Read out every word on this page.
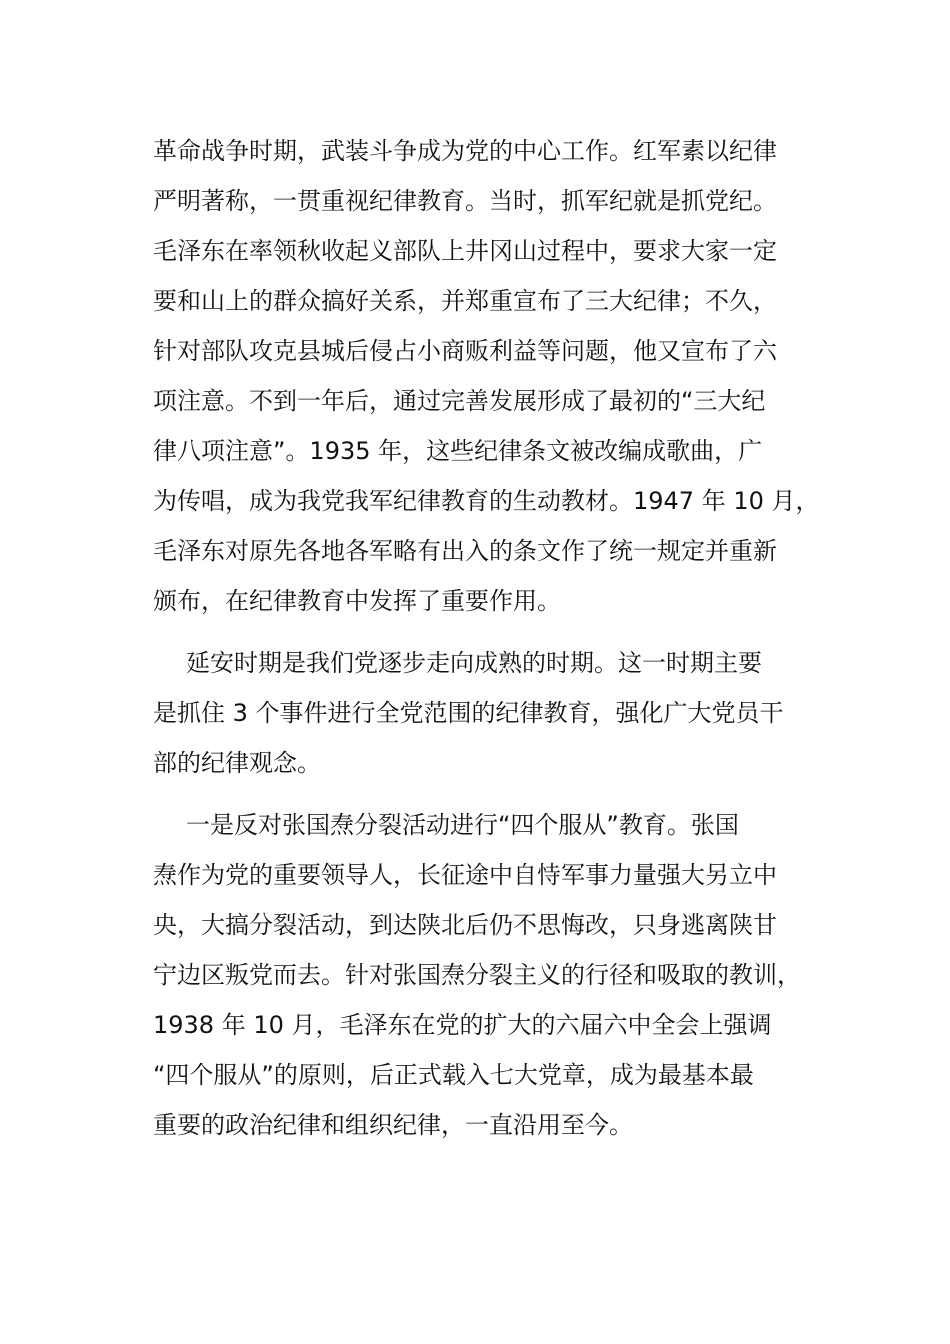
革命战争时期，武装斗争成为党的中心工作。红军素以纪律
严明著称，一贯重视纪律教育。当时，抓军纪就是抓党纪。
毛泽东在率领秋收起义部队上井冈山过程中，要求大家一定
要和山上的群众搞好关系，并郑重宣布了三大纪律；不久，
针对部队攻克县城后侵占小商贩利益等问题，他又宣布了六
项注意。不到一年后，通过完善发展形成了最初的“三大纪
律八项注意”。1935 年，这些纪律条文被改编成歌曲，广
为传唱，成为我党我军纪律教育的生动教材。1947 年 10 月，
毛泽东对原先各地各军略有出入的条文作了统一规定并重新
颁布，在纪律教育中发挥了重要作用。

延安时期是我们党逐步走向成熟的时期。这一时期主要
是抓住 3 个事件进行全党范围的纪律教育，强化广大党员干
部的纪律观念。

一是反对张国焘分裂活动进行“四个服从”教育。张国
焘作为党的重要领导人，长征途中自恃军事力量强大另立中
央，大搞分裂活动，到达陕北后仍不思悔改，只身逃离陕甘
宁边区叛党而去。针对张国焘分裂主义的行径和吸取的教训，
1938 年 10 月，毛泽东在党的扩大的六届六中全会上强调
“四个服从”的原则，后正式载入七大党章，成为最基本最
重要的政治纪律和组织纪律，一直沿用至今。
